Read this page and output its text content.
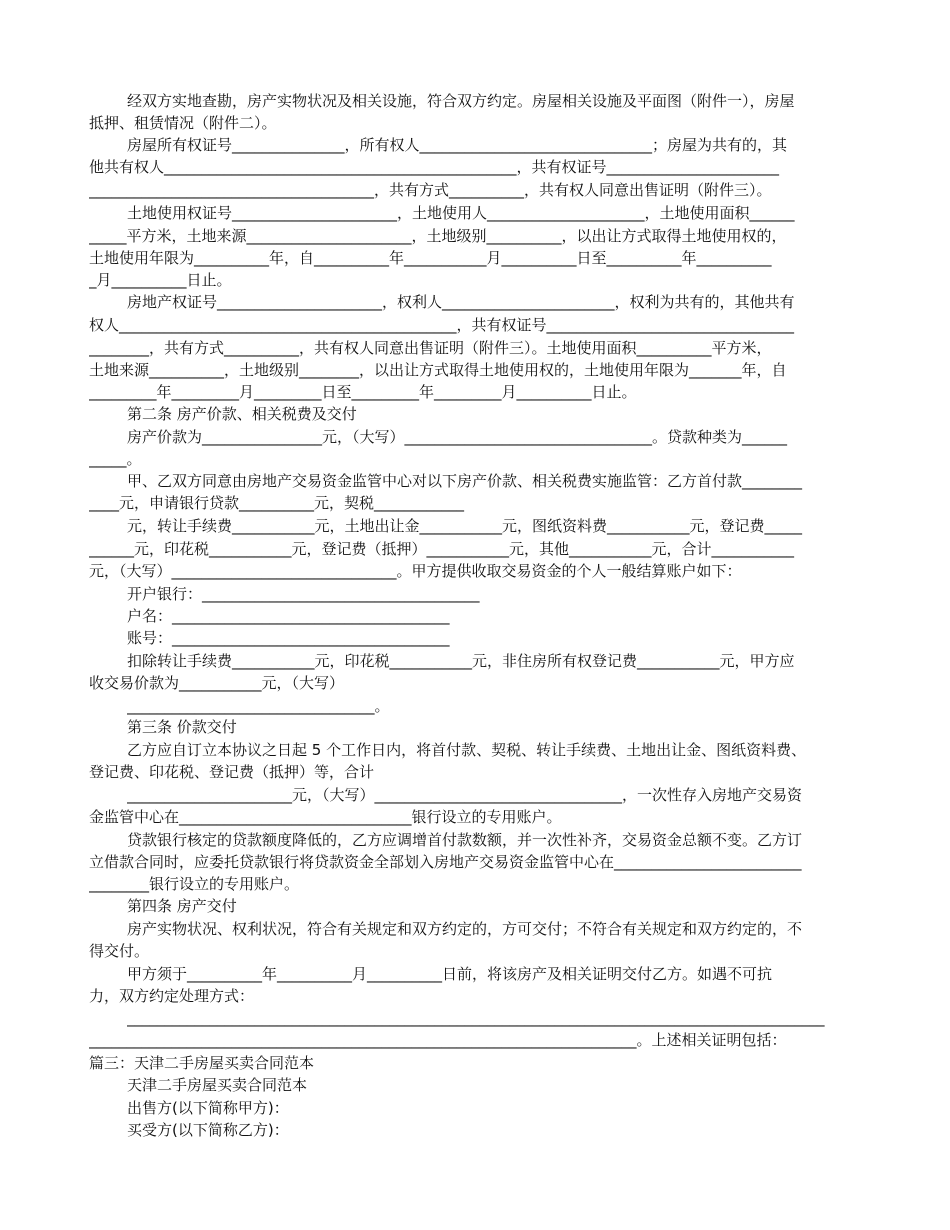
经双方实地查勘，房产实物状况及相关设施，符合双方约定。房屋相关设施及平面图（附件一），房屋
抵押、租赁情况（附件二）。
房屋所有权证号_______________，所有权人_______________________________；房屋为共有的，其
他共有权人_______________________________________________，共有权证号_______________________
______________________________________，共有方式__________，共有权人同意出售证明（附件三）。
土地使用权证号______________________，土地使用人_____________________，土地使用面积______
_____平方米，土地来源______________________，土地级别__________，以出让方式取得土地使用权的，
土地使用年限为__________年，自__________年___________月__________日至__________年__________
_月__________日止。
房地产权证号______________________，权利人_______________________，权利为共有的，其他共有
权人_____________________________________________，共有权证号_________________________________
________，共有方式__________，共有权人同意出售证明（附件三）。土地使用面积__________平方米，
土地来源__________，土地级别________，以出让方式取得土地使用权的，土地使用年限为_______年，自
_________年_________月_________日至_________年_________月__________日止。
第二条 房产价款、相关税费及交付
房产价款为________________元，（大写）_________________________________。贷款种类为______
_____。
甲、乙双方同意由房地产交易资金监管中心对以下房产价款、相关税费实施监管：乙方首付款________
____元，申请银行贷款__________元，契税____________
元，转让手续费___________元，土地出让金___________元，图纸资料费___________元，登记费_____
______元，印花税___________元，登记费（抵押）___________元，其他___________元，合计___________
元，（大写）______________________________。甲方提供收取交易资金的个人一般结算账户如下：
开户银行：_____________________________________
户名：_____________________________________
账号：_____________________________________
扣除转让手续费___________元，印花税___________元，非住房所有权登记费___________元，甲方应
收交易价款为___________元，（大写）
_________________________________。
第三条 价款交付
乙方应自订立本协议之日起 5 个工作日内，将首付款、契税、转让手续费、土地出让金、图纸资料费、
登记费、印花税、登记费（抵押）等，合计
______________________元，（大写）_________________________________，一次性存入房地产交易资
金监管中心在_______________________________银行设立的专用账户。
贷款银行核定的贷款额度降低的，乙方应调增首付款数额，并一次性补齐，交易资金总额不变。乙方订
立借款合同时，应委托贷款银行将贷款资金全部划入房地产交易资金监管中心在_________________________
________银行设立的专用账户。
第四条 房产交付
房产实物状况、权利状况，符合有关规定和双方约定的，方可交付；不符合有关规定和双方约定的，不
得交付。
甲方须于__________年__________月__________日前，将该房产及相关证明交付乙方。如遇不可抗
力，双方约定处理方式：
_____________________________________________________________________________________________
_________________________________________________________________________。上述相关证明包括：
篇三：天津二手房屋买卖合同范本
天津二手房屋买卖合同范本
出售方(以下简称甲方)：
买受方(以下简称乙方)：
